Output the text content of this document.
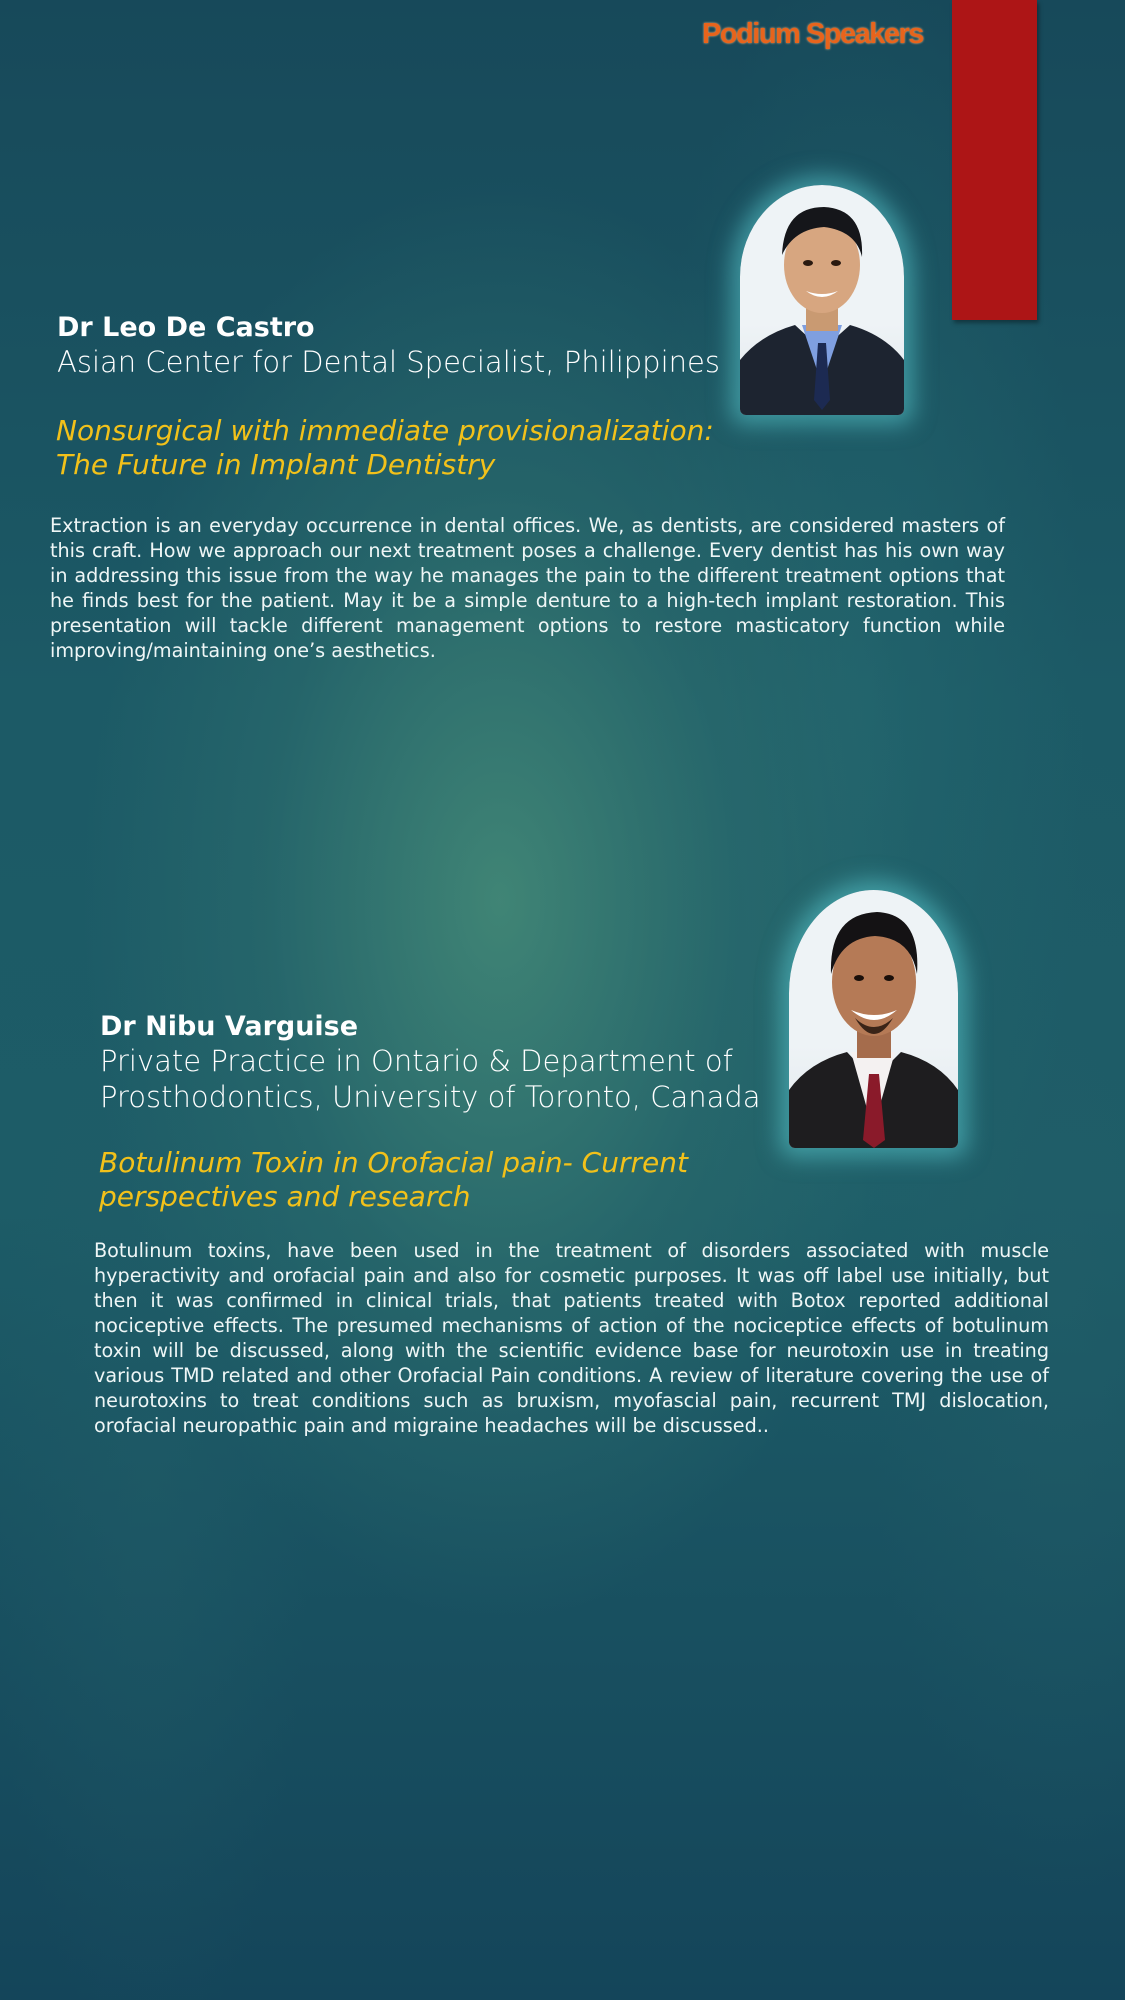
Podium Speakers
Dr Leo De Castro
Asian Center for Dental Specialist, Philippines
Nonsurgical with immediate provisionalization:
The Future in Implant Dentistry
Extraction is an everyday occurrence in dental offices. We, as dentists, are considered masters of this craft. How we approach our next treatment poses a challenge. Every dentist has his own way in addressing this issue from the way he manages the pain to the different treatment options that he finds best for the patient. May it be a simple denture to a high-tech implant restoration. This presentation will tackle different management options to restore masticatory function while improving/maintaining one’s aesthetics.
Dr Nibu Varguise
Private Practice in Ontario & Department of
Prosthodontics, University of Toronto, Canada
Botulinum Toxin in Orofacial pain- Current
perspectives and research
Botulinum toxins, have been used in the treatment of disorders associated with muscle hyperactivity and orofacial pain and also for cosmetic purposes. It was off label use initially, but then it was confirmed in clinical trials, that patients treated with Botox reported additional nociceptive effects. The presumed mechanisms of action of the nociceptice effects of botulinum toxin will be discussed, along with the scientific evidence base for neurotoxin use in treating various TMD related and other Orofacial Pain conditions. A review of literature covering the use of neurotoxins to treat conditions such as bruxism, myofascial pain, recurrent TMJ dislocation, orofacial neuropathic pain and migraine headaches will be discussed..
